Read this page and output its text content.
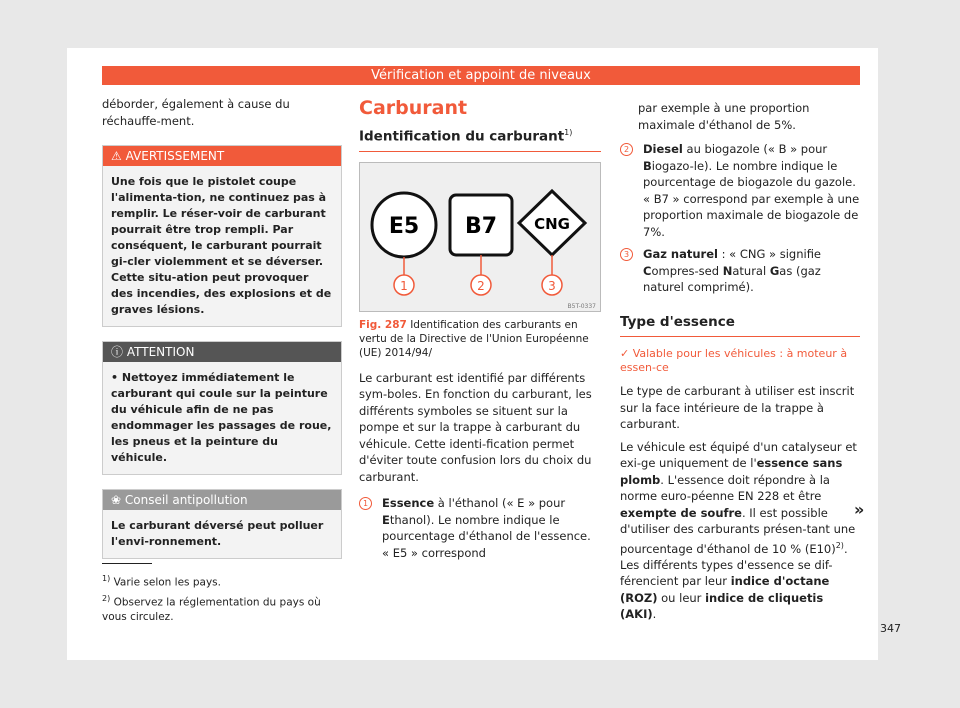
Vérification et appoint de niveaux

déborder, également à cause du réchauffe-ment.

⚠ AVERTISSEMENT
Une fois que le pistolet coupe l'alimenta-tion, ne continuez pas à remplir. Le réser-voir de carburant pourrait être trop rempli. Par conséquent, le carburant pourrait gi-cler violemment et se déverser. Cette situ-ation peut provoquer des incendies, des explosions et de graves lésions.
ⓘ ATTENTION
• Nettoyez immédiatement le carburant qui coule sur la peinture du véhicule afin de ne pas endommager les passages de roue, les pneus et la peinture du véhicule.
❀ Conseil antipollution
Le carburant déversé peut polluer l'envi-ronnement.
Carburant
Identification du carburant$^{1)}$
E5 B7 CNG
1	2	3
B5T-0337
Fig. 287 Identification des carburants en vertu de la Directive de l'Union Européenne (UE) 2014/94/

Le carburant est identifié par différents sym-boles. En fonction du carburant, les différents symboles se situent sur la pompe et sur la trappe à carburant du véhicule. Cette identi-fication permet d'éviter toute confusion lors du choix du carburant.

1	Essence à l'éthanol (« E » pour Ethanol). Le nombre indique le pourcentage d'éthanol de l'essence. « E5 » correspond

par exemple à une proportion maximale d'éthanol de 5%.

2	Diesel au biogazole (« B » pour Biogazo-le). Le nombre indique le pourcentage de biogazole du gazole. « B7 » correspond par exemple à une proportion maximale de biogazole de 7%.
3	Gaz naturel : « CNG » signifie Compres-sed Natural Gas (gaz naturel comprimé).
Type d'essence
✓ Valable pour les véhicules : à moteur à essen-ce

Le type de carburant à utiliser est inscrit sur la face intérieure de la trappe à carburant.

Le véhicule est équipé d'un catalyseur et exi-ge uniquement de l'essence sans plomb. L'essence doit répondre à la norme euro-péenne EN 228 et être exempte de soufre. Il est possible d'utiliser des carburants présen-tant une pourcentage d'éthanol de 10 % $(E10)^{2)}$. Les différents types d'essence se dif-férencient par leur indice d'octane (ROZ) ou leur indice de cliquetis (AKI).

»
$^{1)}$ Varie selon les pays.
$^{2)}$ Observez la réglementation du pays où vous circulez.
347
